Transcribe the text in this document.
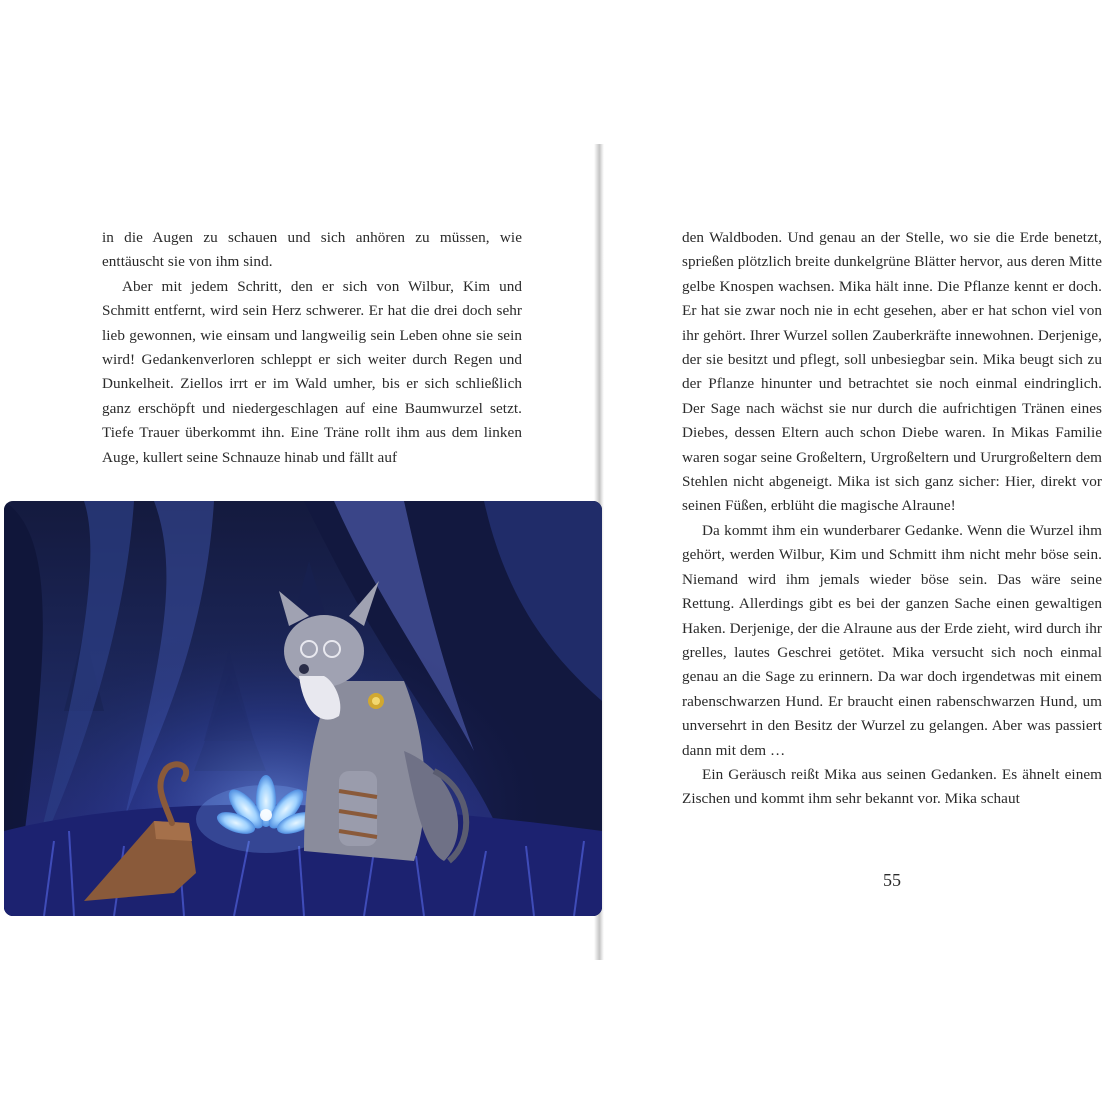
in die Augen zu schauen und sich anhören zu müssen, wie enttäuscht sie von ihm sind.

Aber mit jedem Schritt, den er sich von Wilbur, Kim und Schmitt entfernt, wird sein Herz schwerer. Er hat die drei doch sehr lieb gewonnen, wie einsam und langweilig sein Leben ohne sie sein wird! Gedankenverloren schleppt er sich weiter durch Regen und Dunkelheit. Ziellos irrt er im Wald umher, bis er sich schließlich ganz erschöpft und niedergeschlagen auf eine Baumwurzel setzt. Tiefe Trauer überkommt ihn. Eine Träne rollt ihm aus dem linken Auge, kullert seine Schnauze hinab und fällt auf

den Waldboden. Und genau an der Stelle, wo sie die Erde benetzt, sprießen plötzlich breite dunkelgrüne Blätter hervor, aus deren Mitte gelbe Knospen wachsen. Mika hält inne. Die Pflanze kennt er doch. Er hat sie zwar noch nie in echt gesehen, aber er hat schon viel von ihr gehört. Ihrer Wurzel sollen Zauberkräfte innewohnen. Derjenige, der sie besitzt und pflegt, soll unbesiegbar sein. Mika beugt sich zu der Pflanze hinunter und betrachtet sie noch einmal eindringlich. Der Sage nach wächst sie nur durch die aufrichtigen Tränen eines Diebes, dessen Eltern auch schon Diebe waren. In Mikas Familie waren sogar seine Großeltern, Urgroßeltern und Ururgroßeltern dem Stehlen nicht abgeneigt. Mika ist sich ganz sicher: Hier, direkt vor seinen Füßen, erblüht die magische Alraune!

Da kommt ihm ein wunderbarer Gedanke. Wenn die Wurzel ihm gehört, werden Wilbur, Kim und Schmitt ihm nicht mehr böse sein. Niemand wird ihm jemals wieder böse sein. Das wäre seine Rettung. Allerdings gibt es bei der ganzen Sache einen gewaltigen Haken. Derjenige, der die Alraune aus der Erde zieht, wird durch ihr grelles, lautes Geschrei getötet. Mika versucht sich noch einmal genau an die Sage zu erinnern. Da war doch irgendetwas mit einem rabenschwarzen Hund. Er braucht einen rabenschwarzen Hund, um unversehrt in den Besitz der Wurzel zu gelangen. Aber was passiert dann mit dem …

Ein Geräusch reißt Mika aus seinen Gedanken. Es ähnelt einem Zischen und kommt ihm sehr bekannt vor. Mika schaut

55
